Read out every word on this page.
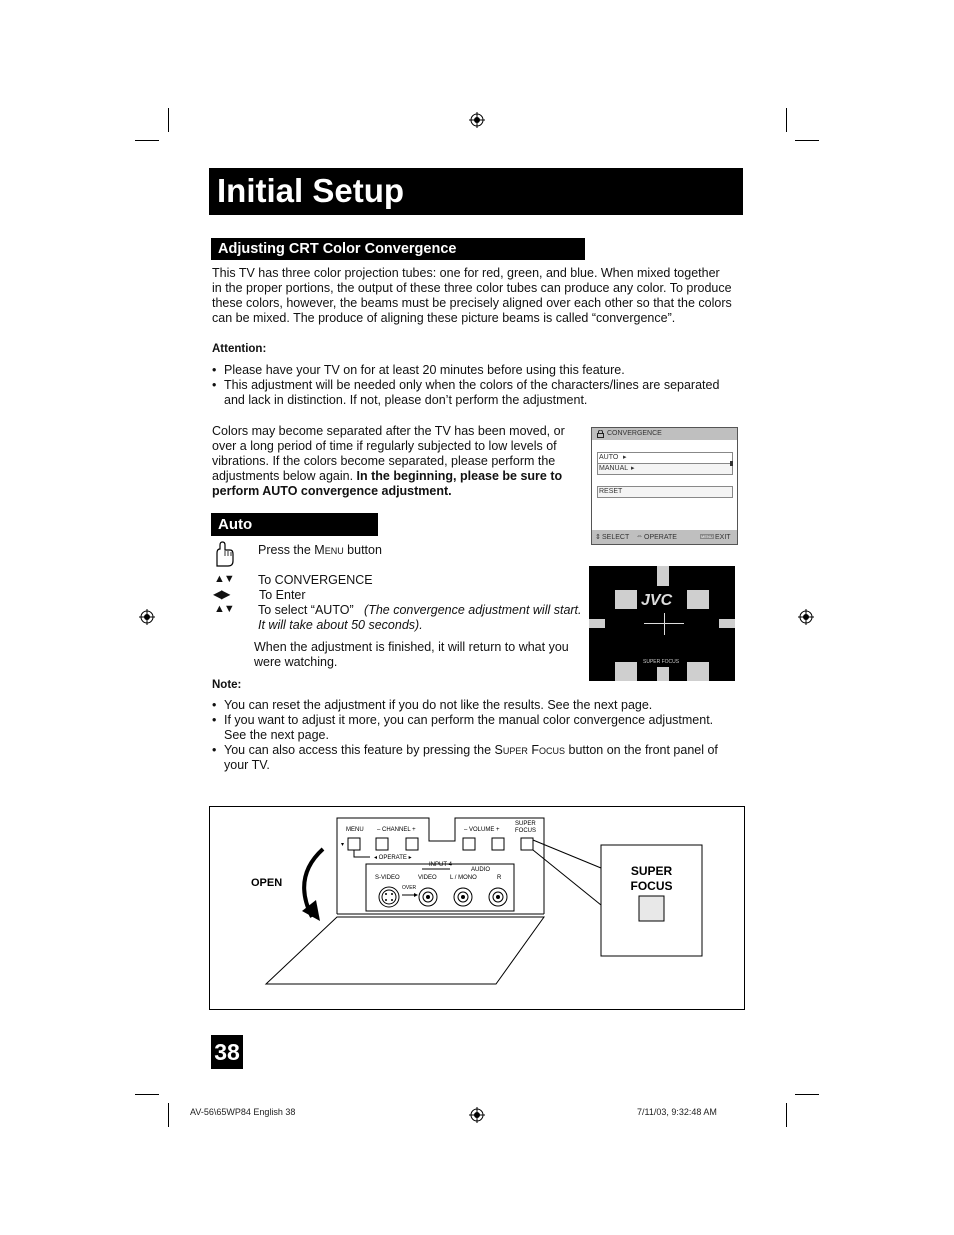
Initial Setup
Adjusting CRT Color Convergence
This TV has three color projection tubes: one for red, green, and blue. When mixed together
in the proper portions, the output of these three color tubes can produce any color. To produce
these colors, however, the beams must be precisely aligned over each other so that the colors
can be mixed. The produce of aligning these picture beams is called “convergence”.
Attention:
• Please have your TV on for at least 20 minutes before using this feature.
• This adjustment will be needed only when the colors of the characters/lines are separated
and lack in distinction. If not, please don’t perform the adjustment.
Colors may become separated after the TV has been moved, or
over a long period of time if regularly subjected to low levels of
vibrations. If the colors become separated, please perform the
adjustments below again. In the beginning, please be sure to
perform AUTO convergence adjustment.
CONVERGENCE
AUTO ▸
MANUAL ▸
RESET
⇕ SELECT ⇔ OPERATE	MENU EXIT
Auto
Press the Menu button
▲▼ To CONVERGENCE
◀▶ To Enter
▲▼ To select “AUTO” (The convergence adjustment will start.
It will take about 50 seconds).
When the adjustment is finished, it will return to what you
were watching.
JVC
SUPER FOCUS
Note:
• You can reset the adjustment if you do not like the results. See the next page.
• If you want to adjust it more, you can perform the manual color convergence adjustment.
See the next page.
• You can also access this feature by pressing the Super Focus button on the front panel of
your TV.
OPEN
MENU – CHANNEL +	– VOLUME +
SUPER
FOCUS
▾
◂ OPERATE ▸
INPUT-4
AUDIO
S-VIDEO	VIDEO L / MONO	R
OVER
SUPER
FOCUS
38
AV-56\65WP84 English 38	7/11/03, 9:32:48 AM
